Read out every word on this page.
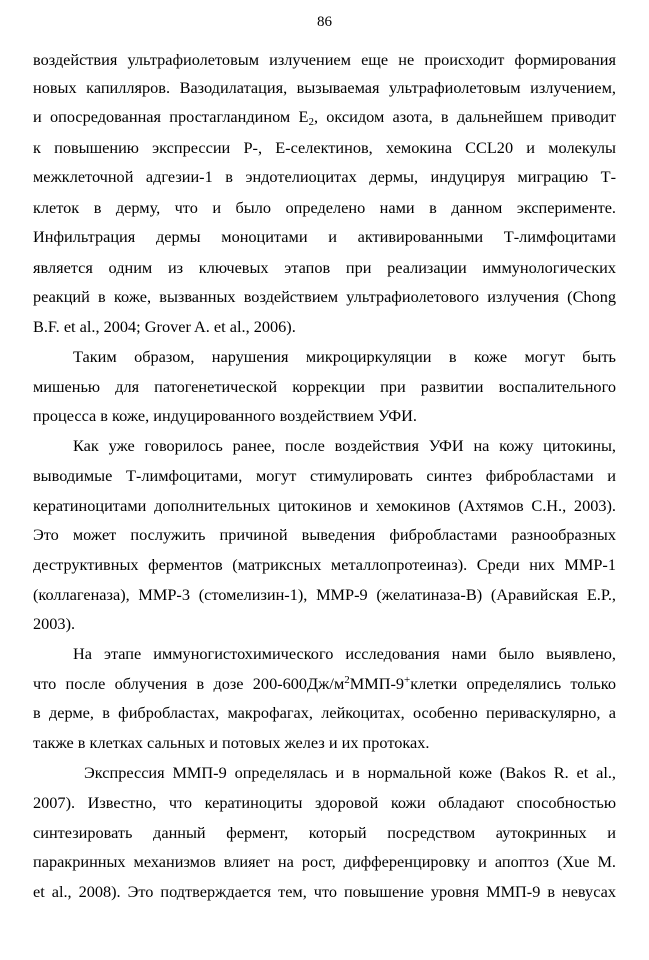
86
воздействия ультрафиолетовым излучением еще не происходит формирования
новых капилляров. Вазодилатация, вызываемая ультрафиолетовым излучением,
и опосредованная простагландином $E_2$, оксидом азота, в дальнейшем приводит
к повышению экспрессии Р-, Е-селектинов, хемокина CCL20 и молекулы
межклеточной адгезии-1 в эндотелиоцитах дермы, индуцируя миграцию Т-
клеток в дерму, что и было определено нами в данном эксперименте.
Инфильтрация дермы моноцитами и активированными Т-лимфоцитами
является одним из ключевых этапов при реализации иммунологических
реакций в коже, вызванных воздействием ультрафиолетового излучения (Chong
B.F. et al., 2004; Grover A. et al., 2006).
Таким образом, нарушения микроциркуляции в коже могут быть
мишенью для патогенетической коррекции при развитии воспалительного
процесса в коже, индуцированного воздействием УФИ.
Как уже говорилось ранее, после воздействия УФИ на кожу цитокины,
выводимые Т-лимфоцитами, могут стимулировать синтез фибробластами и
кератиноцитами дополнительных цитокинов и хемокинов (Ахтямов С.Н., 2003).
Это может послужить причиной выведения фибробластами разнообразных
деструктивных ферментов (матриксных металлопротеиназ). Среди них ММР-1
(коллагеназа), ММР-3 (стомелизин-1), ММР-9 (желатиназа-В) (Аравийская Е.Р.,
2003).
На этапе иммуногистохимического исследования нами было выявлено,
что после облучения в дозе $200-600Дж/м^2ММП-9^+клетки$ определялись только
в дерме, в фибробластах, макрофагах, лейкоцитах, особенно периваскулярно, а
также в клетках сальных и потовых желез и их протоках.
Экспрессия ММП-9 определялась и в нормальной коже (Bakos R. et al.,
2007). Известно, что кератиноциты здоровой кожи обладают способностью
синтезировать данный фермент, который посредством аутокринных и
паракринных механизмов влияет на рост, дифференцировку и апоптоз (Xue M.
et al., 2008). Это подтверждается тем, что повышение уровня ММП-9 в невусах
